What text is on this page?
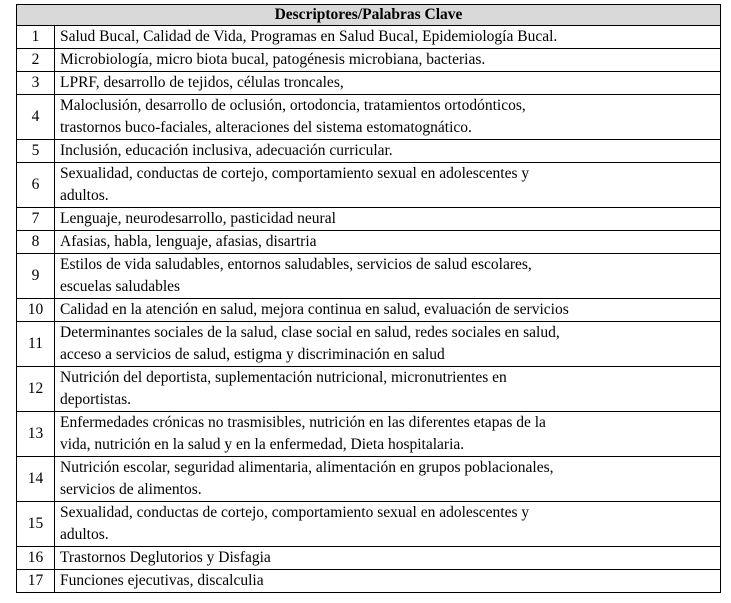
Descriptores/Palabras Clave	
1	Salud Bucal, Calidad de Vida, Programas en Salud Bucal, Epidemiología Bucal.

2	Microbiología, micro biota bucal, patogénesis microbiana, bacterias.

3	LPRF, desarrollo de tejidos, células troncales,

4	Maloclusión, desarrollo de oclusión, ortodoncia, tratamientos ortodónticos,
trastornos buco-faciales, alteraciones del sistema estomatognático.

5	Inclusión, educación inclusiva, adecuación curricular.

6	Sexualidad, conductas de cortejo, comportamiento sexual en adolescentes y
adultos.

7	Lenguaje, neurodesarrollo, pasticidad neural

8	Afasias, habla, lenguaje, afasias, disartria

9	Estilos de vida saludables, entornos saludables, servicios de salud escolares,
escuelas saludables

10	Calidad en la atención en salud, mejora continua en salud, evaluación de servicios

11	Determinantes sociales de la salud, clase social en salud, redes sociales en salud,
acceso a servicios de salud, estigma y discriminación en salud

12	Nutrición del deportista, suplementación nutricional, micronutrientes en
deportistas.

13	Enfermedades crónicas no trasmisibles, nutrición en las diferentes etapas de la
vida, nutrición en la salud y en la enfermedad, Dieta hospitalaria.

14	Nutrición escolar, seguridad alimentaria, alimentación en grupos poblacionales,
servicios de alimentos.

15	Sexualidad, conductas de cortejo, comportamiento sexual en adolescentes y
adultos.

16	Trastornos Deglutorios y Disfagia

17	Funciones ejecutivas, discalculia
